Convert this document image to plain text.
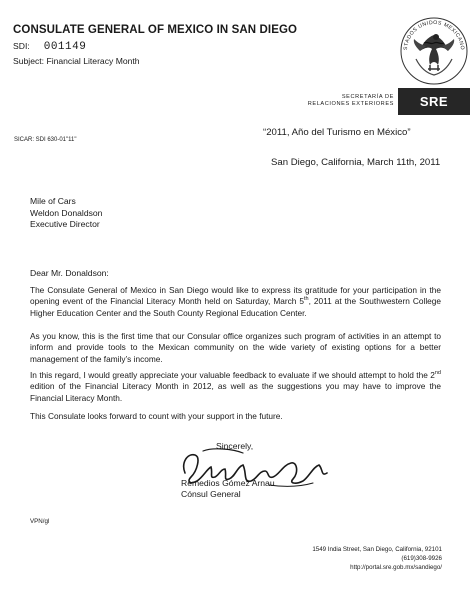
CONSULATE GENERAL OF MEXICO IN SAN DIEGO
SDI: 001149
Subject: Financial Literacy Month
STADOS UNIDOS MEXICANO
SRE
SECRETARÍA DE
RELACIONES EXTERIORES
“2011, Año del Turismo en México”
SICAR: SDI 630-01"11"
San Diego, California, March 11th, 2011
Mile of Cars
Weldon Donaldson
Executive Director
Dear Mr. Donaldson:
The Consulate General of Mexico in San Diego would like to express its gratitude for your participation in the opening event of the Financial Literacy Month held on Saturday, March 5th, 2011 at the Southwestern College Higher Education Center and the South County Regional Education Center.
As you know, this is the first time that our Consular office organizes such program of activities in an attempt to inform and provide tools to the Mexican community on the wide variety of existing options for a better management of the family’s income.
In this regard, I would greatly appreciate your valuable feedback to evaluate if we should attempt to hold the 2nd edition of the Financial Literacy Month in 2012, as well as the suggestions you may have to improve the Financial Literacy Month.
This Consulate looks forward to count with your support in the future.
Sincerely,
Remedios Gómez Arnau
Cónsul General
VPN/gl
1549 India Street, San Diego, California, 92101
(619)308-9926
http://portal.sre.gob.mx/sandiego/
